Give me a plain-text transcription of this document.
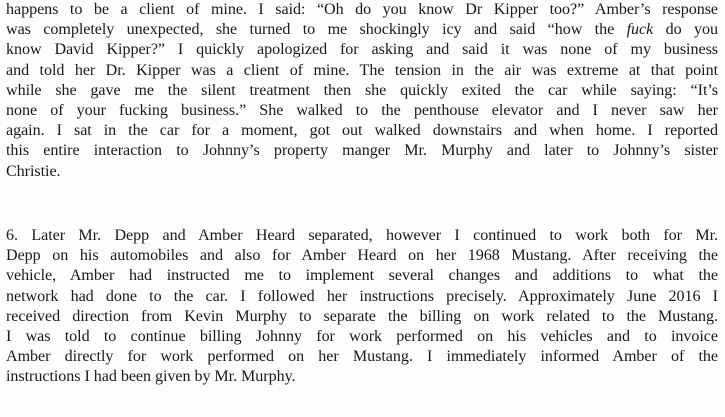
happens to be a client of mine. I said: “Oh do you know Dr Kipper too?” Amber’s response
was completely unexpected, she turned to me shockingly icy and said “how the fuck do you
know David Kipper?” I quickly apologized for asking and said it was none of my business
and told her Dr. Kipper was a client of mine. The tension in the air was extreme at that point
while she gave me the silent treatment then she quickly exited the car while saying: “It’s
none of your fucking business.” She walked to the penthouse elevator and I never saw her
again. I sat in the car for a moment, got out walked downstairs and when home. I reported
this entire interaction to Johnny’s property manger Mr. Murphy and later to Johnny’s sister
Christie.

6. Later Mr. Depp and Amber Heard separated, however I continued to work both for Mr.
Depp on his automobiles and also for Amber Heard on her 1968 Mustang. After receiving the
vehicle, Amber had instructed me to implement several changes and additions to what the
network had done to the car. I followed her instructions precisely. Approximately June 2016 I
received direction from Kevin Murphy to separate the billing on work related to the Mustang.
I was told to continue billing Johnny for work performed on his vehicles and to invoice
Amber directly for work performed on her Mustang. I immediately informed Amber of the
instructions I had been given by Mr. Murphy.
